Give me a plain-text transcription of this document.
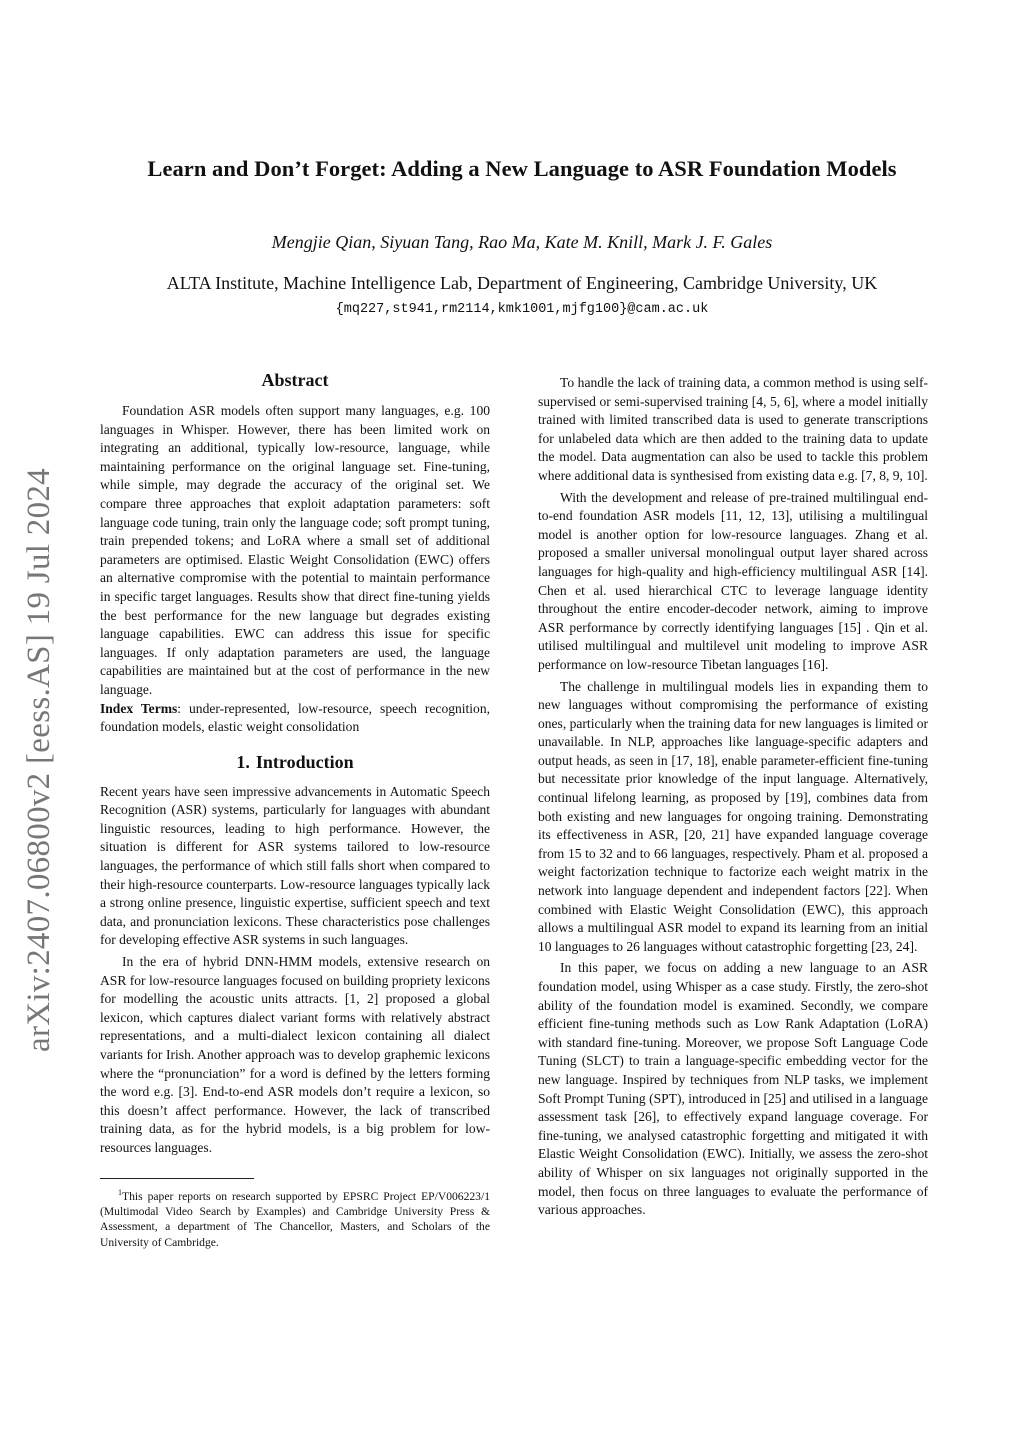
Learn and Don’t Forget: Adding a New Language to ASR Foundation Models
Mengjie Qian, Siyuan Tang, Rao Ma, Kate M. Knill, Mark J. F. Gales
ALTA Institute, Machine Intelligence Lab, Department of Engineering, Cambridge University, UK
{mq227,st941,rm2114,kmk1001,mjfg100}@cam.ac.uk
arXiv:2407.06800v2 [eess.AS] 19 Jul 2024
Abstract

Foundation ASR models often support many languages, e.g. 100 languages in Whisper. However, there has been limited work on integrating an additional, typically low-resource, language, while maintaining performance on the original language set. Fine-tuning, while simple, may degrade the accuracy of the original set. We compare three approaches that exploit adaptation parameters: soft language code tuning, train only the language code; soft prompt tuning, train prepended tokens; and LoRA where a small set of additional parameters are optimised. Elastic Weight Consolidation (EWC) offers an alternative compromise with the potential to maintain performance in specific target languages. Results show that direct fine-tuning yields the best performance for the new language but degrades existing language capabilities. EWC can address this issue for specific languages. If only adaptation parameters are used, the language capabilities are maintained but at the cost of performance in the new language.

Index Terms: under-represented, low-resource, speech recognition, foundation models, elastic weight consolidation

1. Introduction

Recent years have seen impressive advancements in Automatic Speech Recognition (ASR) systems, particularly for languages with abundant linguistic resources, leading to high performance. However, the situation is different for ASR systems tailored to low-resource languages, the performance of which still falls short when compared to their high-resource counterparts. Low-resource languages typically lack a strong online presence, linguistic expertise, sufficient speech and text data, and pronunciation lexicons. These characteristics pose challenges for developing effective ASR systems in such languages.

In the era of hybrid DNN-HMM models, extensive research on ASR for low-resource languages focused on building propriety lexicons for modelling the acoustic units attracts. [1, 2] proposed a global lexicon, which captures dialect variant forms with relatively abstract representations, and a multi-dialect lexicon containing all dialect variants for Irish. Another approach was to develop graphemic lexicons where the “pronunciation” for a word is defined by the letters forming the word e.g. [3]. End-to-end ASR models don’t require a lexicon, so this doesn’t affect performance. However, the lack of transcribed training data, as for the hybrid models, is a big problem for low-resources languages.

$^1$This paper reports on research supported by EPSRC Project EP/V006223/1 (Multimodal Video Search by Examples) and Cambridge University Press & Assessment, a department of The Chancellor, Masters, and Scholars of the University of Cambridge.

To handle the lack of training data, a common method is using self-supervised or semi-supervised training [4, 5, 6], where a model initially trained with limited transcribed data is used to generate transcriptions for unlabeled data which are then added to the training data to update the model. Data augmentation can also be used to tackle this problem where additional data is synthesised from existing data e.g. [7, 8, 9, 10].

With the development and release of pre-trained multilingual end-to-end foundation ASR models [11, 12, 13], utilising a multilingual model is another option for low-resource languages. Zhang et al. proposed a smaller universal monolingual output layer shared across languages for high-quality and high-efficiency multilingual ASR [14]. Chen et al. used hierarchical CTC to leverage language identity throughout the entire encoder-decoder network, aiming to improve ASR performance by correctly identifying languages [15] . Qin et al. utilised multilingual and multilevel unit modeling to improve ASR performance on low-resource Tibetan languages [16].

The challenge in multilingual models lies in expanding them to new languages without compromising the performance of existing ones, particularly when the training data for new languages is limited or unavailable. In NLP, approaches like language-specific adapters and output heads, as seen in [17, 18], enable parameter-efficient fine-tuning but necessitate prior knowledge of the input language. Alternatively, continual lifelong learning, as proposed by [19], combines data from both existing and new languages for ongoing training. Demonstrating its effectiveness in ASR, [20, 21] have expanded language coverage from 15 to 32 and to 66 languages, respectively. Pham et al. proposed a weight factorization technique to factorize each weight matrix in the network into language dependent and independent factors [22]. When combined with Elastic Weight Consolidation (EWC), this approach allows a multilingual ASR model to expand its learning from an initial 10 languages to 26 languages without catastrophic forgetting [23, 24].

In this paper, we focus on adding a new language to an ASR foundation model, using Whisper as a case study. Firstly, the zero-shot ability of the foundation model is examined. Secondly, we compare efficient fine-tuning methods such as Low Rank Adaptation (LoRA) with standard fine-tuning. Moreover, we propose Soft Language Code Tuning (SLCT) to train a language-specific embedding vector for the new language. Inspired by techniques from NLP tasks, we implement Soft Prompt Tuning (SPT), introduced in [25] and utilised in a language assessment task [26], to effectively expand language coverage. For fine-tuning, we analysed catastrophic forgetting and mitigated it with Elastic Weight Consolidation (EWC). Initially, we assess the zero-shot ability of Whisper on six languages not originally supported in the model, then focus on three languages to evaluate the performance of various approaches.
